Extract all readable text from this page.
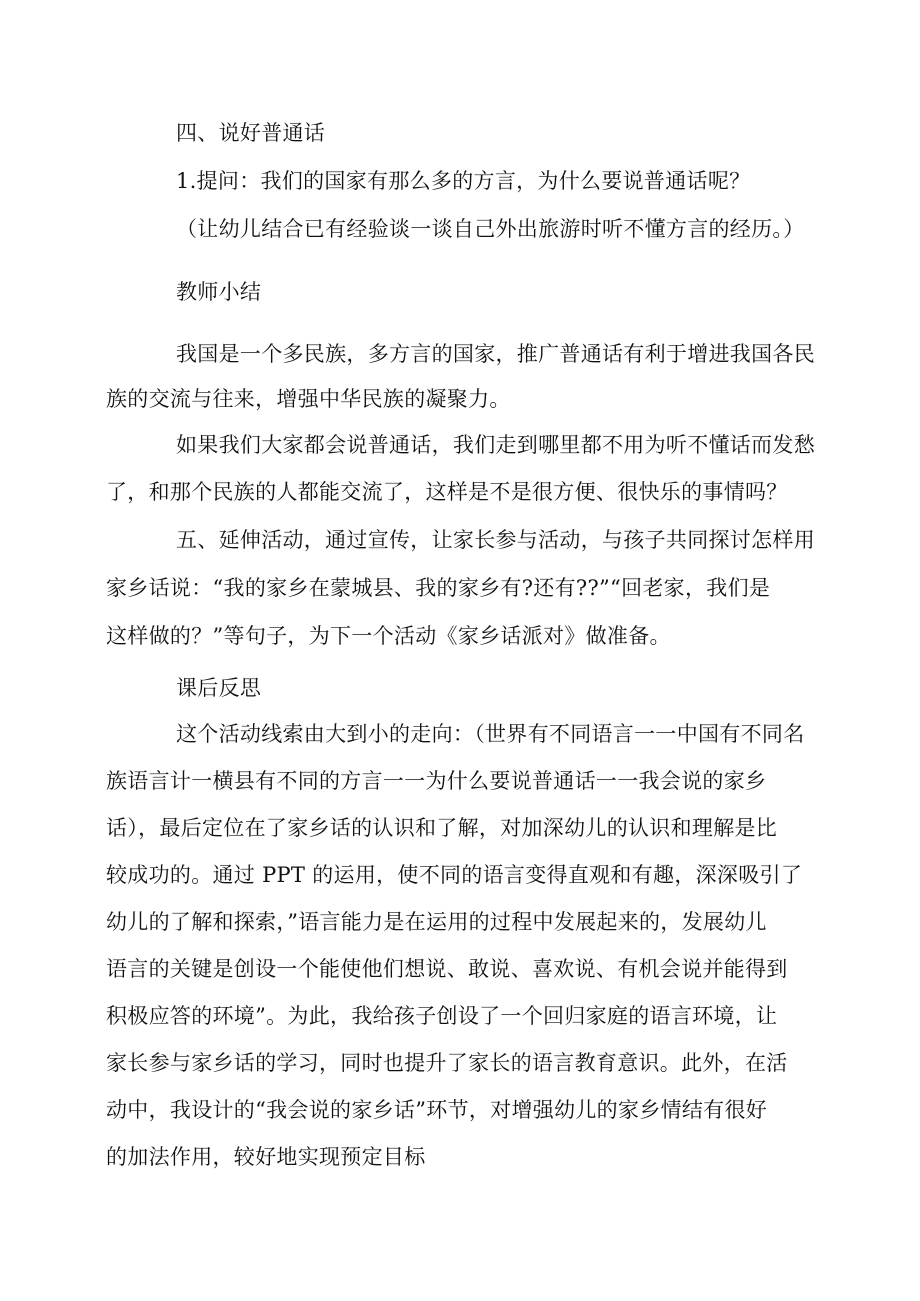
四、说好普通话
1.提问：我们的国家有那么多的方言，为什么要说普通话呢？
（让幼儿结合已有经验谈一谈自己外出旅游时听不懂方言的经历。）
教师小结
我国是一个多民族，多方言的国家，推广普通话有利于增进我国各民
族的交流与往来，增强中华民族的凝聚力。
如果我们大家都会说普通话，我们走到哪里都不用为听不懂话而发愁
了，和那个民族的人都能交流了，这样是不是很方便、很快乐的事情吗？
五、延伸活动，通过宣传，让家长参与活动，与孩子共同探讨怎样用
家乡话说：“我的家乡在蒙城县、我的家乡有?还有??”“回老家，我们是
这样做的？”等句子，为下一个活动《家乡话派对》做准备。
课后反思
这个活动线索由大到小的走向：（世界有不同语言一一中国有不同名
族语言计一横县有不同的方言一一为什么要说普通话一一我会说的家乡
话），最后定位在了家乡话的认识和了解，对加深幼儿的认识和理解是比
较成功的。通过 PPT 的运用，使不同的语言变得直观和有趣，深深吸引了
幼儿的了解和探索，”语言能力是在运用的过程中发展起来的，发展幼儿
语言的关键是创设一个能使他们想说、敢说、喜欢说、有机会说并能得到
积极应答的环境”。为此，我给孩子创设了一个回归家庭的语言环境，让
家长参与家乡话的学习，同时也提升了家长的语言教育意识。此外，在活
动中，我设计的“我会说的家乡话”环节，对增强幼儿的家乡情结有很好
的加法作用，较好地实现预定目标
